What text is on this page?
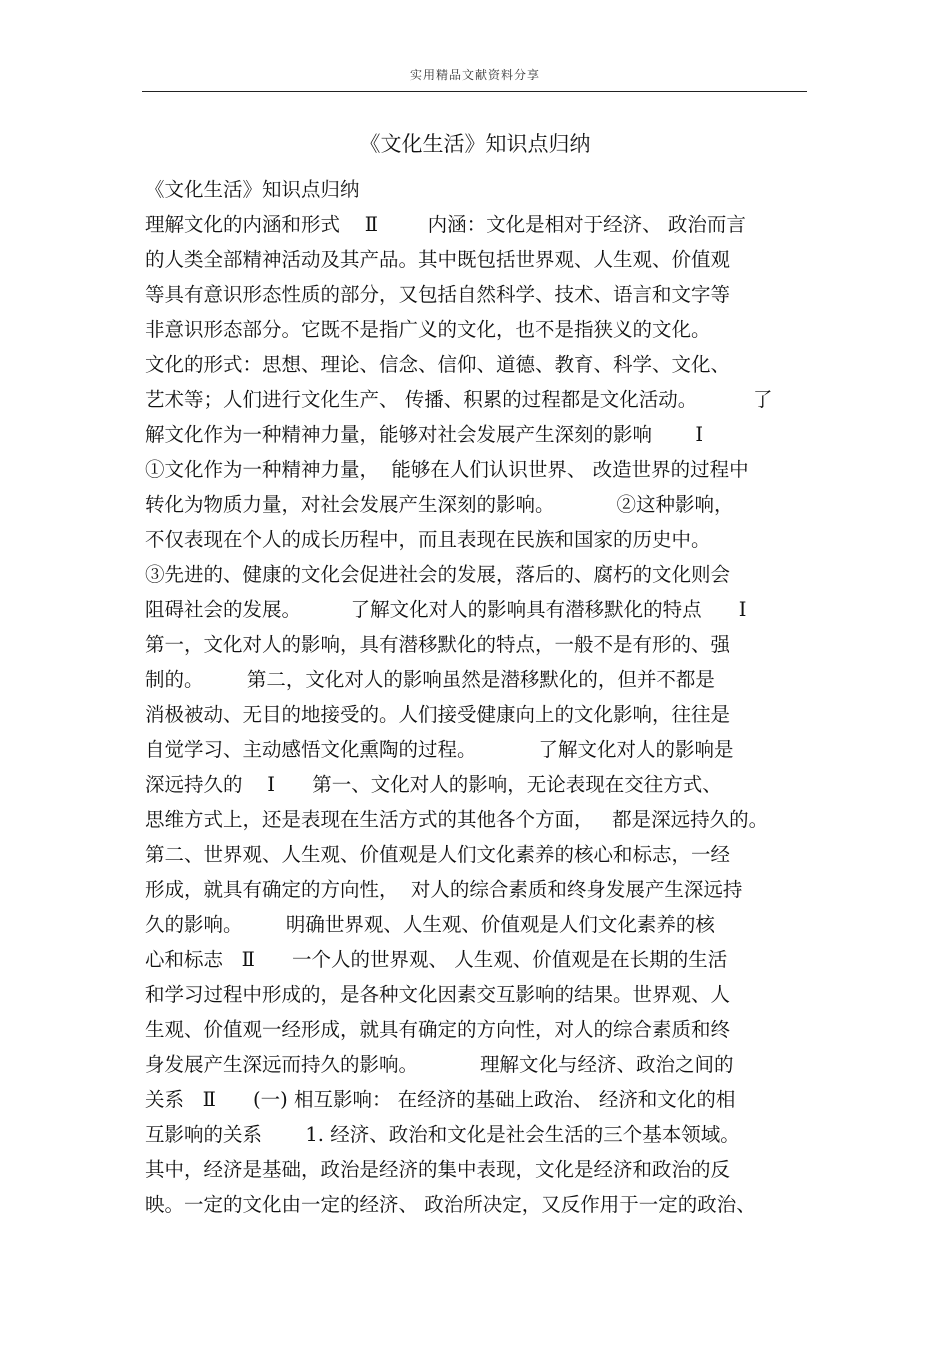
实用精品文献资料分享
《文化生活》知识点归纳
《文化生活》知识点归纳
理解文化的内涵和形式    Ⅱ        内涵：文化是相对于经济、 政治而言
的人类全部精神活动及其产品。其中既包括世界观、人生观、价值观
等具有意识形态性质的部分，又包括自然科学、技术、语言和文字等
非意识形态部分。它既不是指广义的文化，也不是指狭义的文化。
文化的形式：思想、理论、信念、信仰、道德、教育、科学、文化、
艺术等；人们进行文化生产、 传播、积累的过程都是文化活动。         了
解文化作为一种精神力量，能够对社会发展产生深刻的影响       Ⅰ
①文化作为一种精神力量，  能够在人们认识世界、 改造世界的过程中
转化为物质力量，对社会发展产生深刻的影响。          ②这种影响，
不仅表现在个人的成长历程中，而且表现在民族和国家的历史中。
③先进的、健康的文化会促进社会的发展，落后的、腐朽的文化则会
阻碍社会的发展。        了解文化对人的影响具有潜移默化的特点      Ⅰ
第一，文化对人的影响，具有潜移默化的特点，一般不是有形的、强
制的。       第二，文化对人的影响虽然是潜移默化的，但并不都是
消极被动、无目的地接受的。人们接受健康向上的文化影响，往往是
自觉学习、主动感悟文化熏陶的过程。          了解文化对人的影响是
深远持久的    Ⅰ      第一、文化对人的影响，无论表现在交往方式、
思维方式上，还是表现在生活方式的其他各个方面，   都是深远持久的。
第二、世界观、人生观、价值观是人们文化素养的核心和标志，一经
形成，就具有确定的方向性，  对人的综合素质和终身发展产生深远持
久的影响。       明确世界观、人生观、价值观是人们文化素养的核
心和标志   Ⅱ      一个人的世界观、 人生观、价值观是在长期的生活
和学习过程中形成的，是各种文化因素交互影响的结果。世界观、人
生观、价值观一经形成，就具有确定的方向性，对人的综合素质和终
身发展产生深远而持久的影响。          理解文化与经济、政治之间的
关系   Ⅱ      (一) 相互影响： 在经济的基础上政治、 经济和文化的相
互影响的关系       1. 经济、政治和文化是社会生活的三个基本领域。
其中，经济是基础，政治是经济的集中表现，文化是经济和政治的反
映。一定的文化由一定的经济、 政治所决定，又反作用于一定的政治、
